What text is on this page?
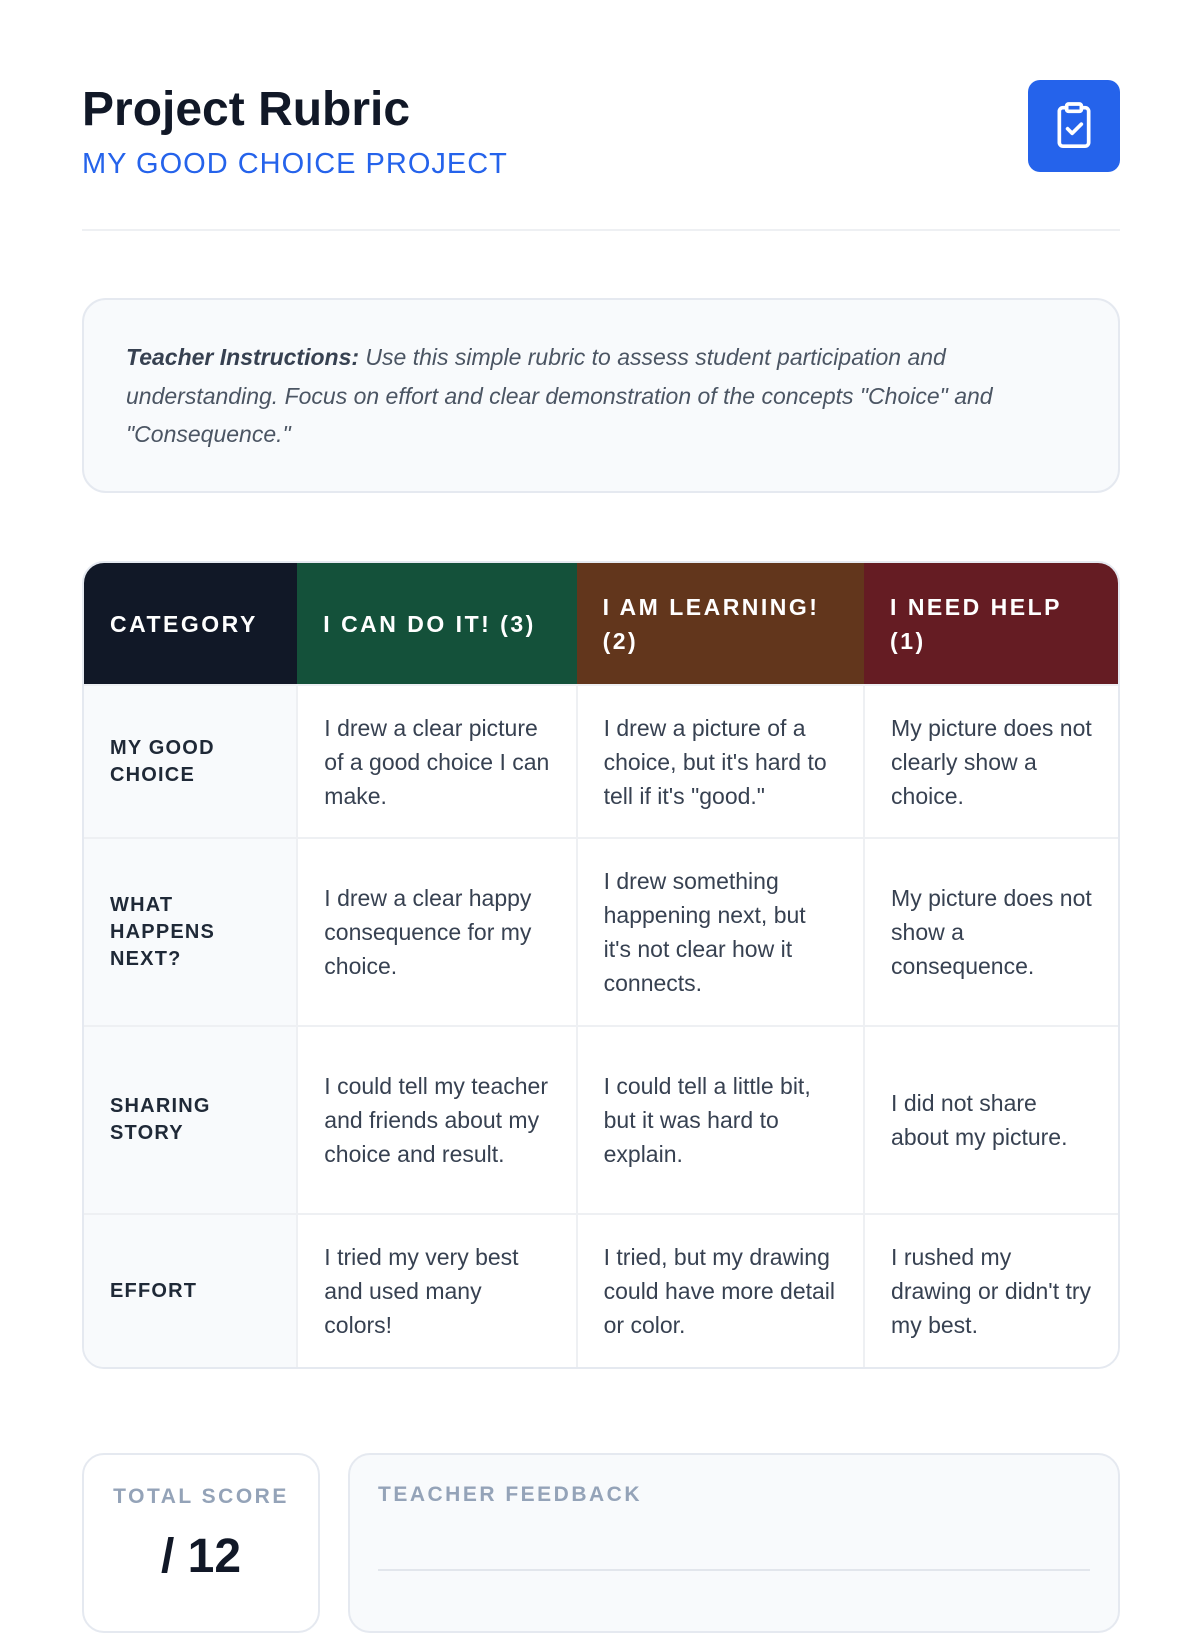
Project Rubric
MY GOOD CHOICE PROJECT
Teacher Instructions: Use this simple rubric to assess student participation and understanding. Focus on effort and clear demonstration of the concepts "Choice" and "Consequence."
CATEGORY	I CAN DO IT! (3)	I AM LEARNING! (2)	I NEED HELP (1)
MY GOOD CHOICE	I drew a clear picture of a good choice I can make.	I drew a picture of a choice, but it's hard to tell if it's "good."	My picture does not clearly show a choice.
WHAT HAPPENS NEXT?	I drew a clear happy consequence for my choice.	I drew something happening next, but it's not clear how it connects.	My picture does not show a consequence.
SHARING STORY	I could tell my teacher and friends about my choice and result.	I could tell a little bit, but it was hard to explain.	I did not share about my picture.
EFFORT	I tried my very best and used many colors!	I tried, but my drawing could have more detail or color.	I rushed my drawing or didn't try my best.
TOTAL SCORE
/ 12
TEACHER FEEDBACK
